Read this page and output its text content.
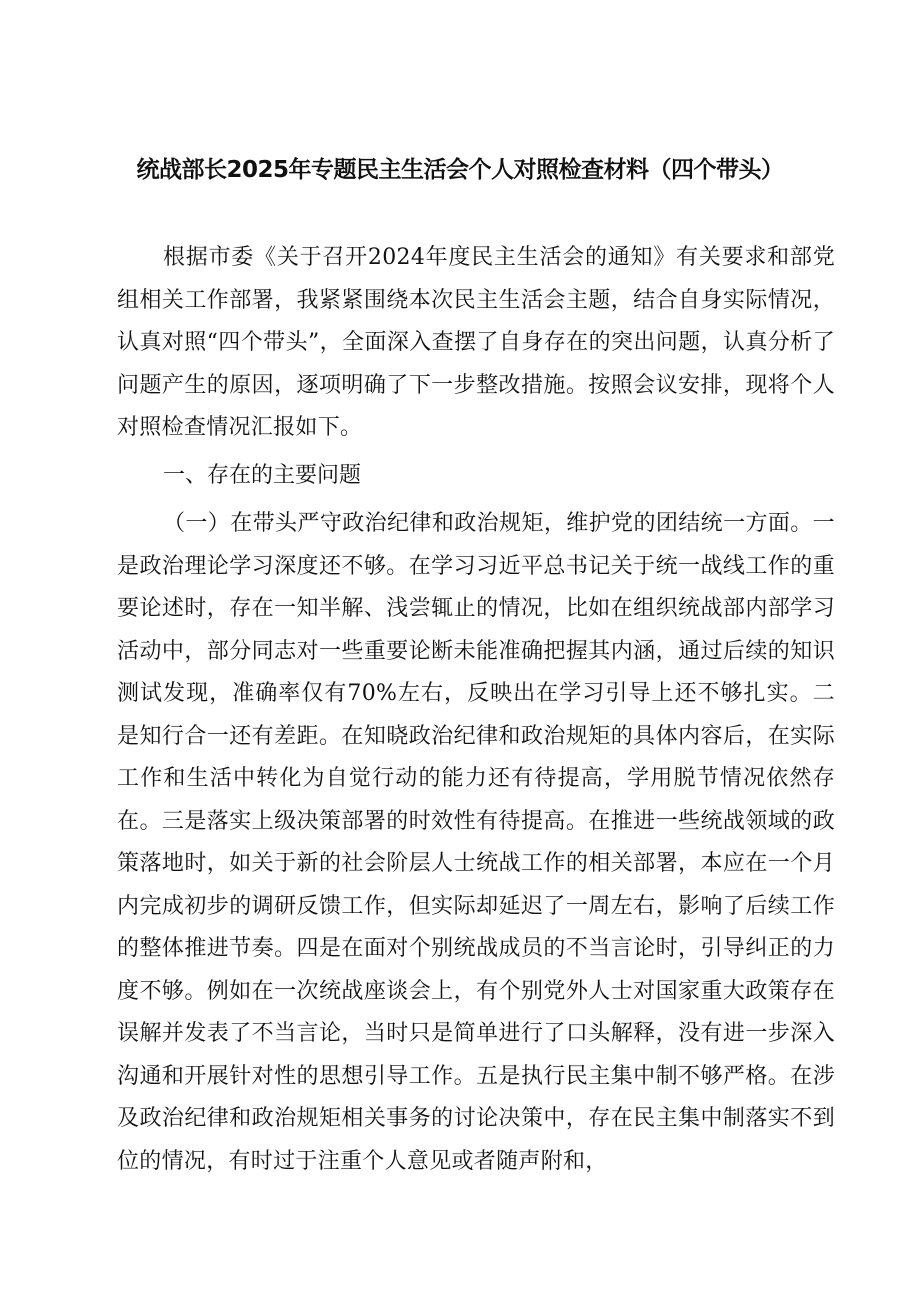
统战部长2025年专题民主生活会个人对照检查材料（四个带头）
根据市委《关于召开2024年度民主生活会的通知》有关要求和部党组相关工作部署，我紧紧围绕本次民主生活会主题，结合自身实际情况，认真对照“四个带头”，全面深入查摆了自身存在的突出问题，认真分析了问题产生的原因，逐项明确了下一步整改措施。按照会议安排，现将个人对照检查情况汇报如下。
一、存在的主要问题
（一）在带头严守政治纪律和政治规矩，维护党的团结统一方面。一是政治理论学习深度还不够。在学习习近平总书记关于统一战线工作的重要论述时，存在一知半解、浅尝辄止的情况，比如在组织统战部内部学习活动中，部分同志对一些重要论断未能准确把握其内涵，通过后续的知识测试发现，准确率仅有70%左右，反映出在学习引导上还不够扎实。二是知行合一还有差距。在知晓政治纪律和政治规矩的具体内容后，在实际工作和生活中转化为自觉行动的能力还有待提高，学用脱节情况依然存在。三是落实上级决策部署的时效性有待提高。在推进一些统战领域的政策落地时，如关于新的社会阶层人士统战工作的相关部署，本应在一个月内完成初步的调研反馈工作，但实际却延迟了一周左右，影响了后续工作的整体推进节奏。四是在面对个别统战成员的不当言论时，引导纠正的力度不够。例如在一次统战座谈会上，有个别党外人士对国家重大政策存在误解并发表了不当言论，当时只是简单进行了口头解释，没有进一步深入沟通和开展针对性的思想引导工作。五是执行民主集中制不够严格。在涉及政治纪律和政治规矩相关事务的讨论决策中，存在民主集中制落实不到位的情况，有时过于注重个人意见或者随声附和，
